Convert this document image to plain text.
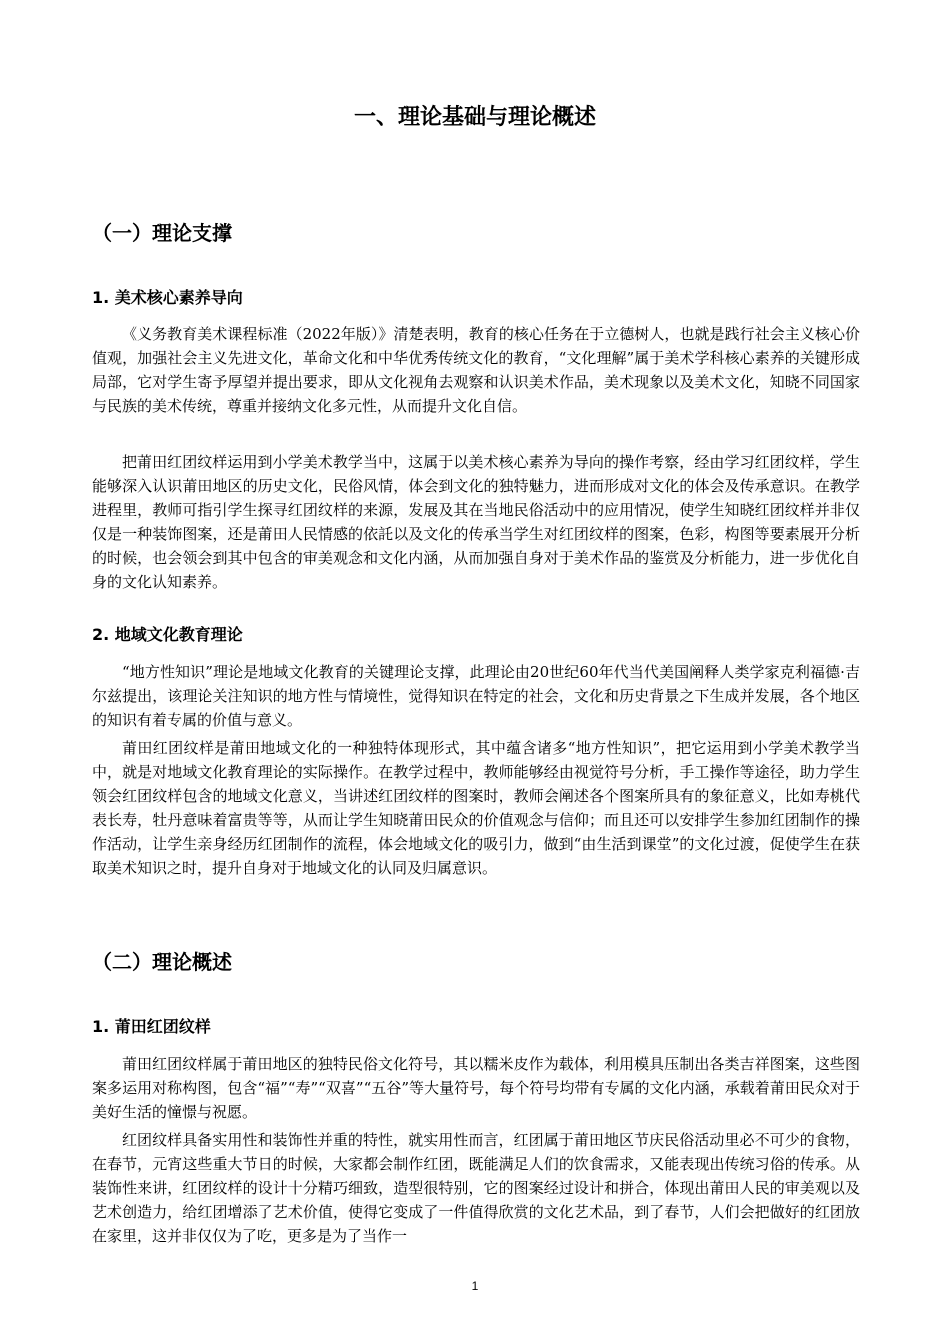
一、理论基础与理论概述
（一）理论支撑
1. 美术核心素养导向

《义务教育美术课程标准（2022年版）》清楚表明，教育的核心任务在于立德树人，也就是践行社会主义核心价值观，加强社会主义先进文化，革命文化和中华优秀传统文化的教育，“文化理解”属于美术学科核心素养的关键形成局部，它对学生寄予厚望并提出要求，即从文化视角去观察和认识美术作品，美术现象以及美术文化，知晓不同国家与民族的美术传统，尊重并接纳文化多元性，从而提升文化自信。

把莆田红团纹样运用到小学美术教学当中，这属于以美术核心素养为导向的操作考察，经由学习红团纹样，学生能够深入认识莆田地区的历史文化，民俗风情，体会到文化的独特魅力，进而形成对文化的体会及传承意识。在教学进程里，教师可指引学生探寻红团纹样的来源，发展及其在当地民俗活动中的应用情况，使学生知晓红团纹样并非仅仅是一种装饰图案，还是莆田人民情感的依託以及文化的传承当学生对红团纹样的图案，色彩，构图等要素展开分析的时候，也会领会到其中包含的审美观念和文化内涵，从而加强自身对于美术作品的鉴赏及分析能力，进一步优化自身的文化认知素养。

2. 地域文化教育理论

“地方性知识”理论是地域文化教育的关键理论支撑，此理论由20世纪60年代当代美国阐释人类学家克利福德·吉尔兹提出，该理论关注知识的地方性与情境性，觉得知识在特定的社会，文化和历史背景之下生成并发展，各个地区的知识有着专属的价值与意义。

莆田红团纹样是莆田地域文化的一种独特体现形式，其中蕴含诸多“地方性知识”，把它运用到小学美术教学当中，就是对地域文化教育理论的实际操作。在教学过程中，教师能够经由视觉符号分析，手工操作等途径，助力学生领会红团纹样包含的地域文化意义，当讲述红团纹样的图案时，教师会阐述各个图案所具有的象征意义，比如寿桃代表长寿，牡丹意味着富贵等等，从而让学生知晓莆田民众的价值观念与信仰；而且还可以安排学生参加红团制作的操作活动，让学生亲身经历红团制作的流程，体会地域文化的吸引力，做到“由生活到课堂”的文化过渡，促使学生在获取美术知识之时，提升自身对于地域文化的认同及归属意识。

（二）理论概述
1. 莆田红团纹样

莆田红团纹样属于莆田地区的独特民俗文化符号，其以糯米皮作为载体，利用模具压制出各类吉祥图案，这些图案多运用对称构图，包含“福”“寿”“双喜”“五谷”等大量符号，每个符号均带有专属的文化内涵，承载着莆田民众对于美好生活的憧憬与祝愿。

红团纹样具备实用性和装饰性并重的特性，就实用性而言，红团属于莆田地区节庆民俗活动里必不可少的食物，在春节，元宵这些重大节日的时候，大家都会制作红团，既能满足人们的饮食需求，又能表现出传统习俗的传承。从装饰性来讲，红团纹样的设计十分精巧细致，造型很特别，它的图案经过设计和拼合，体现出莆田人民的审美观以及艺术创造力，给红团增添了艺术价值，使得它变成了一件值得欣赏的文化艺术品，到了春节，人们会把做好的红团放在家里，这并非仅仅为了吃，更多是为了当作一

1
